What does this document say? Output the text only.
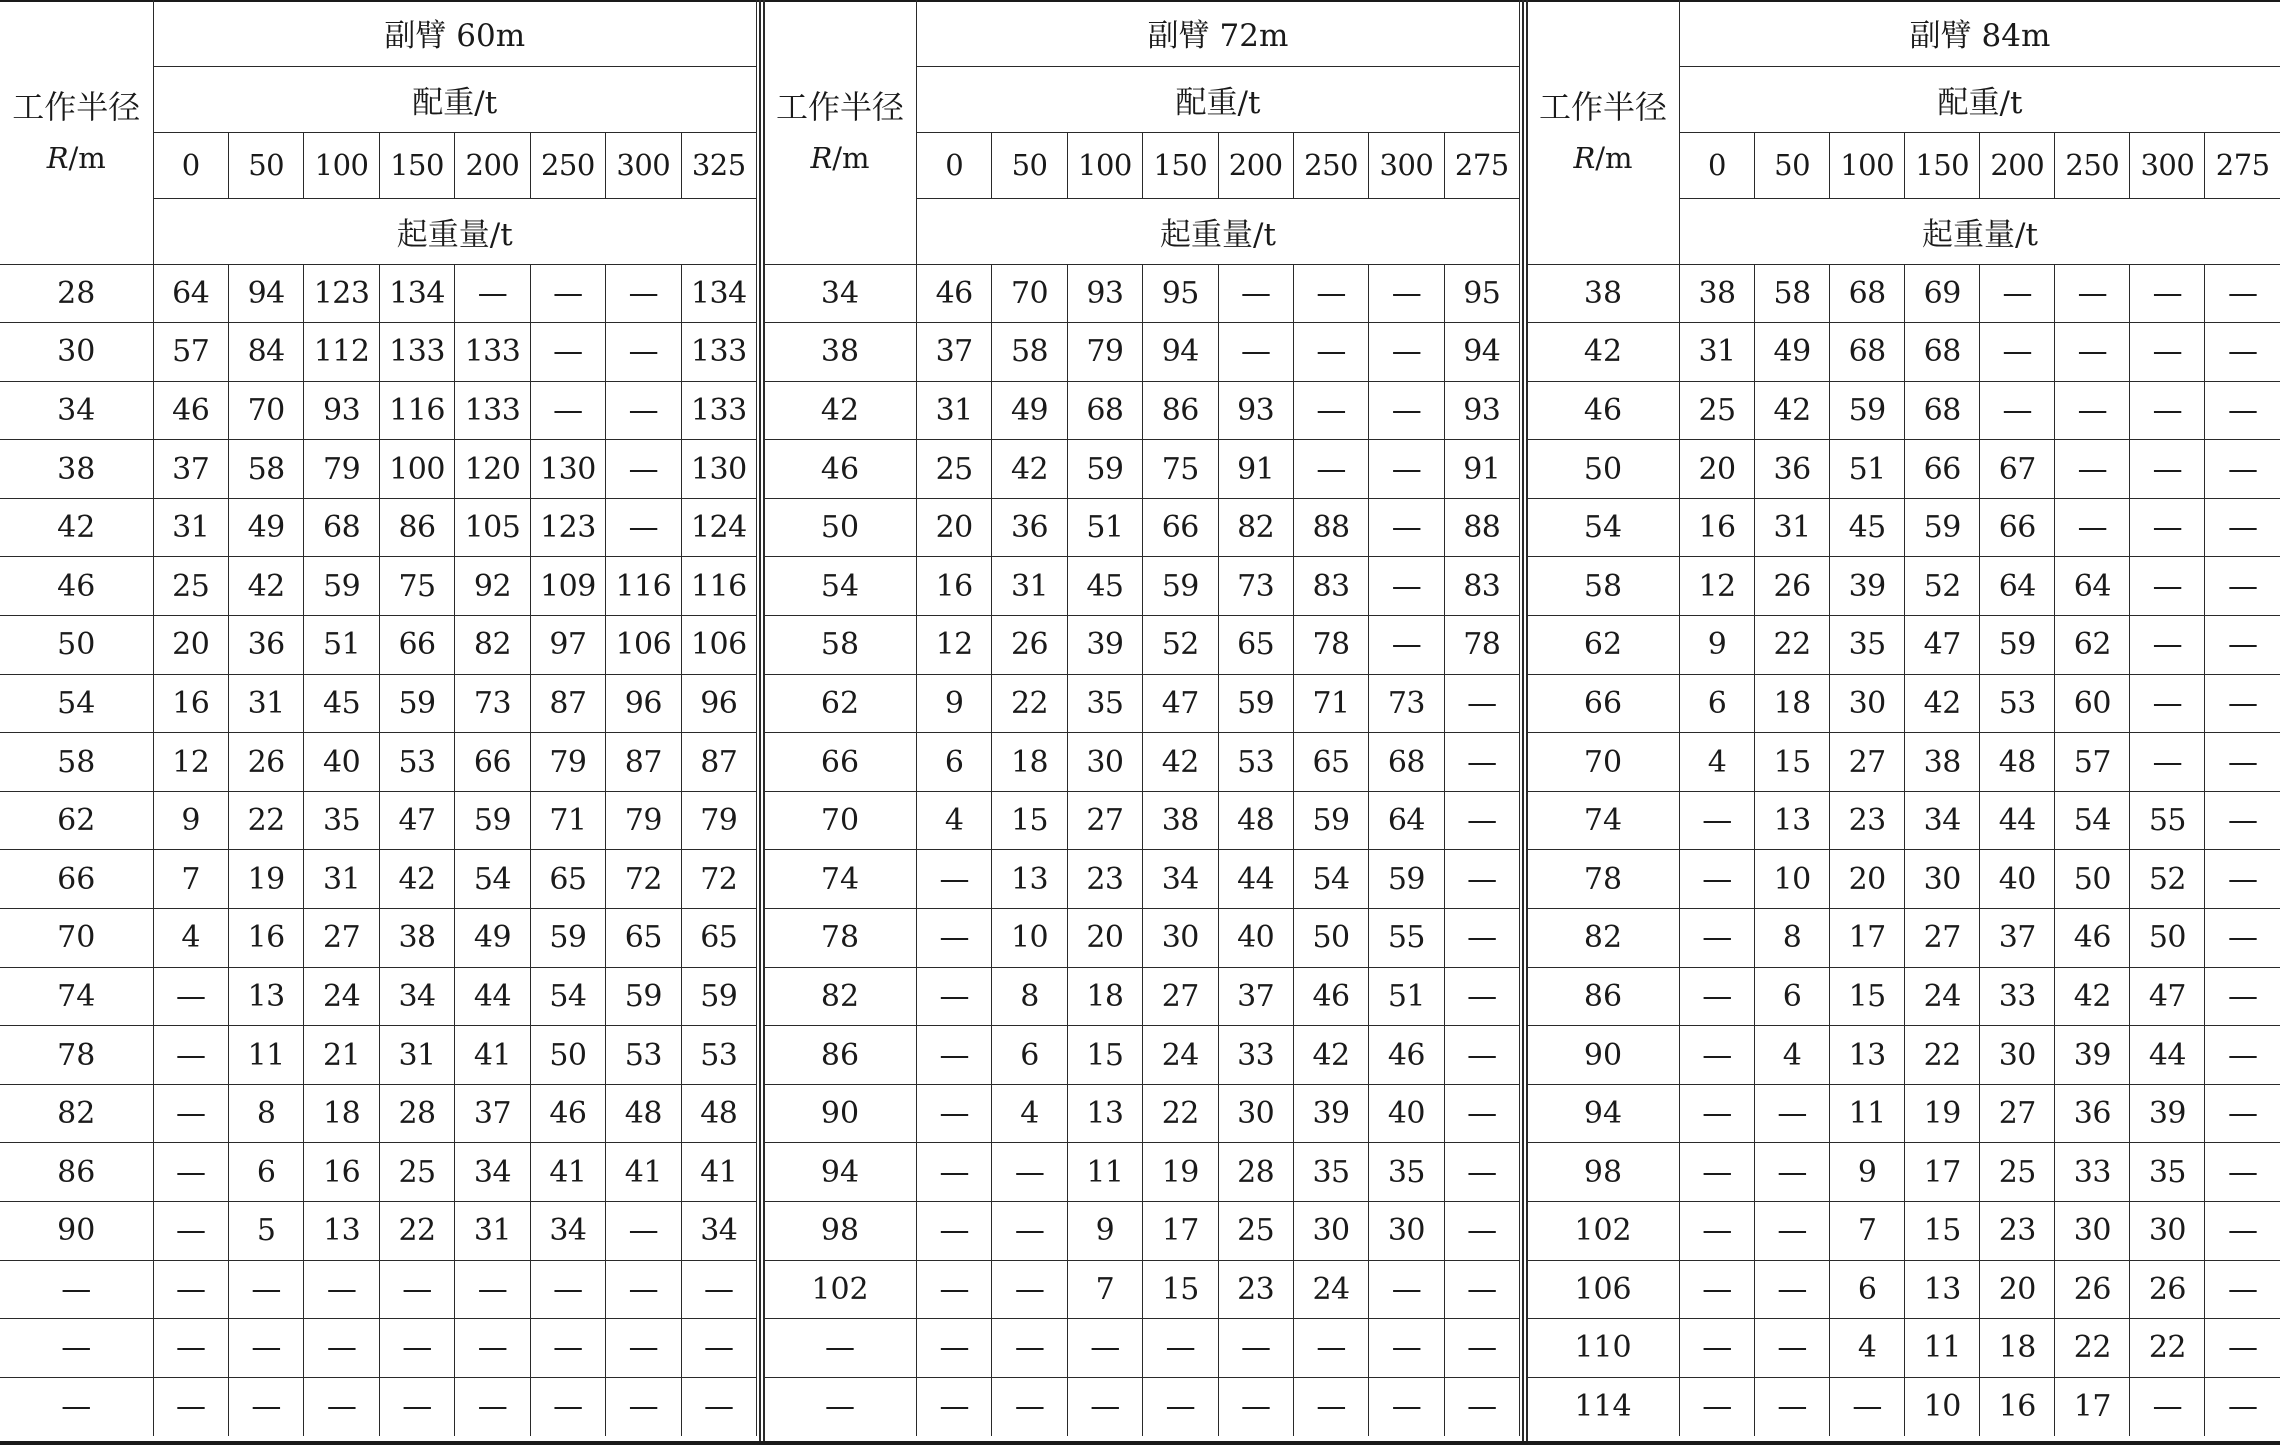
工作半径
R/m	副臂 60m							
	配重/t							
	0	50	100	150	200	250	300	325
	起重量/t							
28	64	94	123	134	—	—	—	134
30	57	84	112	133	133	—	—	133
34	46	70	93	116	133	—	—	133
38	37	58	79	100	120	130	—	130
42	31	49	68	86	105	123	—	124
46	25	42	59	75	92	109	116	116
50	20	36	51	66	82	97	106	106
54	16	31	45	59	73	87	96	96
58	12	26	40	53	66	79	87	87
62	9	22	35	47	59	71	79	79
66	7	19	31	42	54	65	72	72
70	4	16	27	38	49	59	65	65
74	—	13	24	34	44	54	59	59
78	—	11	21	31	41	50	53	53
82	—	8	18	28	37	46	48	48
86	—	6	16	25	34	41	41	41
90	—	5	13	22	31	34	—	34
—	—	—	—	—	—	—	—	—
—	—	—	—	—	—	—	—	—
—	—	—	—	—	—	—	—	—
工作半径
R/m	副臂 72m							
	配重/t							
	0	50	100	150	200	250	300	275
	起重量/t							
34	46	70	93	95	—	—	—	95
38	37	58	79	94	—	—	—	94
42	31	49	68	86	93	—	—	93
46	25	42	59	75	91	—	—	91
50	20	36	51	66	82	88	—	88
54	16	31	45	59	73	83	—	83
58	12	26	39	52	65	78	—	78
62	9	22	35	47	59	71	73	—
66	6	18	30	42	53	65	68	—
70	4	15	27	38	48	59	64	—
74	—	13	23	34	44	54	59	—
78	—	10	20	30	40	50	55	—
82	—	8	18	27	37	46	51	—
86	—	6	15	24	33	42	46	—
90	—	4	13	22	30	39	40	—
94	—	—	11	19	28	35	35	—
98	—	—	9	17	25	30	30	—
102	—	—	7	15	23	24	—	—
—	—	—	—	—	—	—	—	—
—	—	—	—	—	—	—	—	—
工作半径
R/m	副臂 84m							
	配重/t							
	0	50	100	150	200	250	300	275
	起重量/t							
38	38	58	68	69	—	—	—	—
42	31	49	68	68	—	—	—	—
46	25	42	59	68	—	—	—	—
50	20	36	51	66	67	—	—	—
54	16	31	45	59	66	—	—	—
58	12	26	39	52	64	64	—	—
62	9	22	35	47	59	62	—	—
66	6	18	30	42	53	60	—	—
70	4	15	27	38	48	57	—	—
74	—	13	23	34	44	54	55	—
78	—	10	20	30	40	50	52	—
82	—	8	17	27	37	46	50	—
86	—	6	15	24	33	42	47	—
90	—	4	13	22	30	39	44	—
94	—	—	11	19	27	36	39	—
98	—	—	9	17	25	33	35	—
102	—	—	7	15	23	30	30	—
106	—	—	6	13	20	26	26	—
110	—	—	4	11	18	22	22	—
114	—	—	—	10	16	17	—	—
